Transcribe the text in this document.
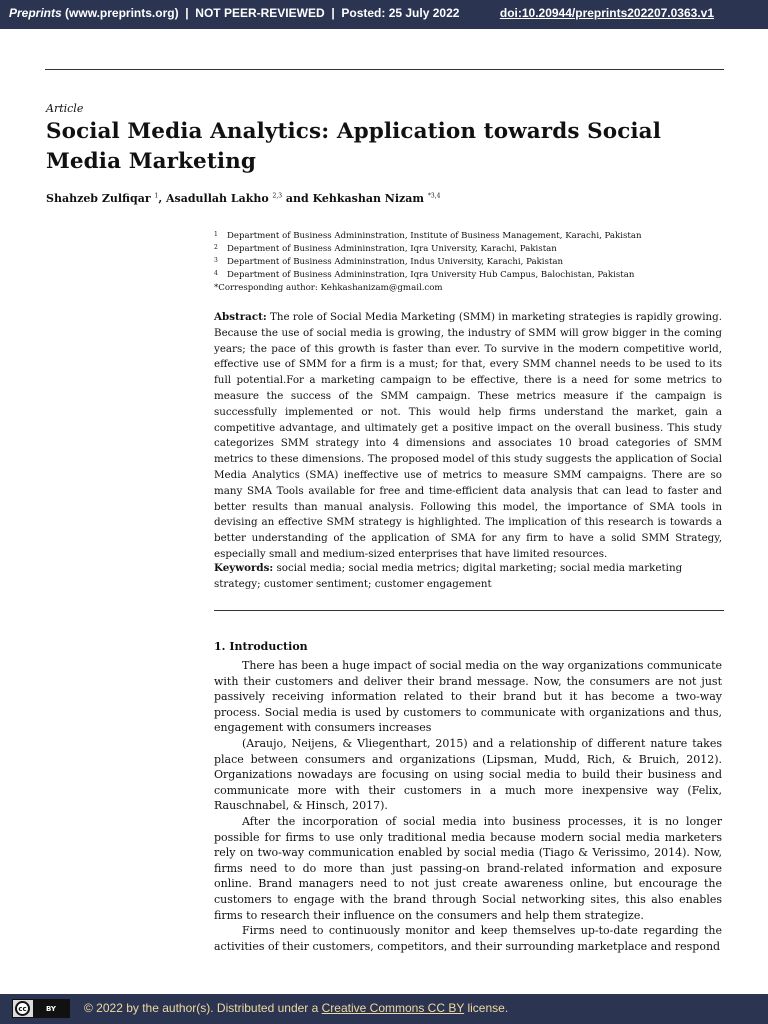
Preprints (www.preprints.org) | NOT PEER-REVIEWED | Posted: 25 July 2022	doi:10.20944/preprints202207.0363.v1
Article
Social Media Analytics: Application towards Social Media Marketing
Shahzeb Zulfiqar $^1$, Asadullah Lakho $^{2,3}$ and Kehkashan Nizam $^{*3,4}$
1	Department of Business Admininstration, Institute of Business Management, Karachi, Pakistan
2	Department of Business Admininstration, Iqra University, Karachi, Pakistan
3	Department of Business Admininstration, Indus University, Karachi, Pakistan
4	Department of Business Admininstration, Iqra University Hub Campus, Balochistan, Pakistan
*Corresponding author: Kehkashanizam@gmail.com

Abstract: The role of Social Media Marketing (SMM) in marketing strategies is rapidly growing. Because the use of social media is growing, the industry of SMM will grow bigger in the coming years; the pace of this growth is faster than ever. To survive in the modern competitive world, effective use of SMM for a firm is a must; for that, every SMM channel needs to be used to its full potential.For a marketing campaign to be effective, there is a need for some metrics to measure the success of the SMM campaign. These metrics measure if the campaign is successfully implemented or not. This would help firms understand the market, gain a competitive advantage, and ultimately get a positive impact on the overall business. This study categorizes SMM strategy into 4 dimensions and associates 10 broad categories of SMM metrics to these dimensions. The proposed model of this study suggests the application of Social Media Analytics (SMA) ineffective use of metrics to measure SMM campaigns. There are so many SMA Tools available for free and time-efficient data analysis that can lead to faster and better results than manual analysis. Following this model, the importance of SMA tools in devising an effective SMM strategy is highlighted. The implication of this research is towards a better understanding of the application of SMA for any firm to have a solid SMM Strategy, especially small and medium-sized enterprises that have limited resources.

Keywords: social media; social media metrics; digital marketing; social media marketing strategy; customer sentiment; customer engagement

1. Introduction

There has been a huge impact of social media on the way organizations communicate with their customers and deliver their brand message. Now, the consumers are not just passively receiving information related to their brand but it has become a two-way process. Social media is used by customers to communicate with organizations and thus, engagement with consumers increases

(Araujo, Neijens, & Vliegenthart, 2015) and a relationship of different nature takes place between consumers and organizations (Lipsman, Mudd, Rich, & Bruich, 2012). Organizations nowadays are focusing on using social media to build their business and communicate more with their customers in a much more inexpensive way (Felix, Rauschnabel, & Hinsch, 2017).

After the incorporation of social media into business processes, it is no longer possible for firms to use only traditional media because modern social media marketers rely on two-way communication enabled by social media (Tiago & Verissimo, 2014). Now, firms need to do more than just passing-on brand-related information and exposure online. Brand managers need to not just create awareness online, but encourage the customers to engage with the brand through Social networking sites, this also enables firms to research their influence on the consumers and help them strategize.

Firms need to continuously monitor and keep themselves up-to-date regarding the activities of their customers, competitors, and their surrounding marketplace and respond

cc	BY	© 2022 by the author(s). Distributed under a Creative Commons CC BY license.
